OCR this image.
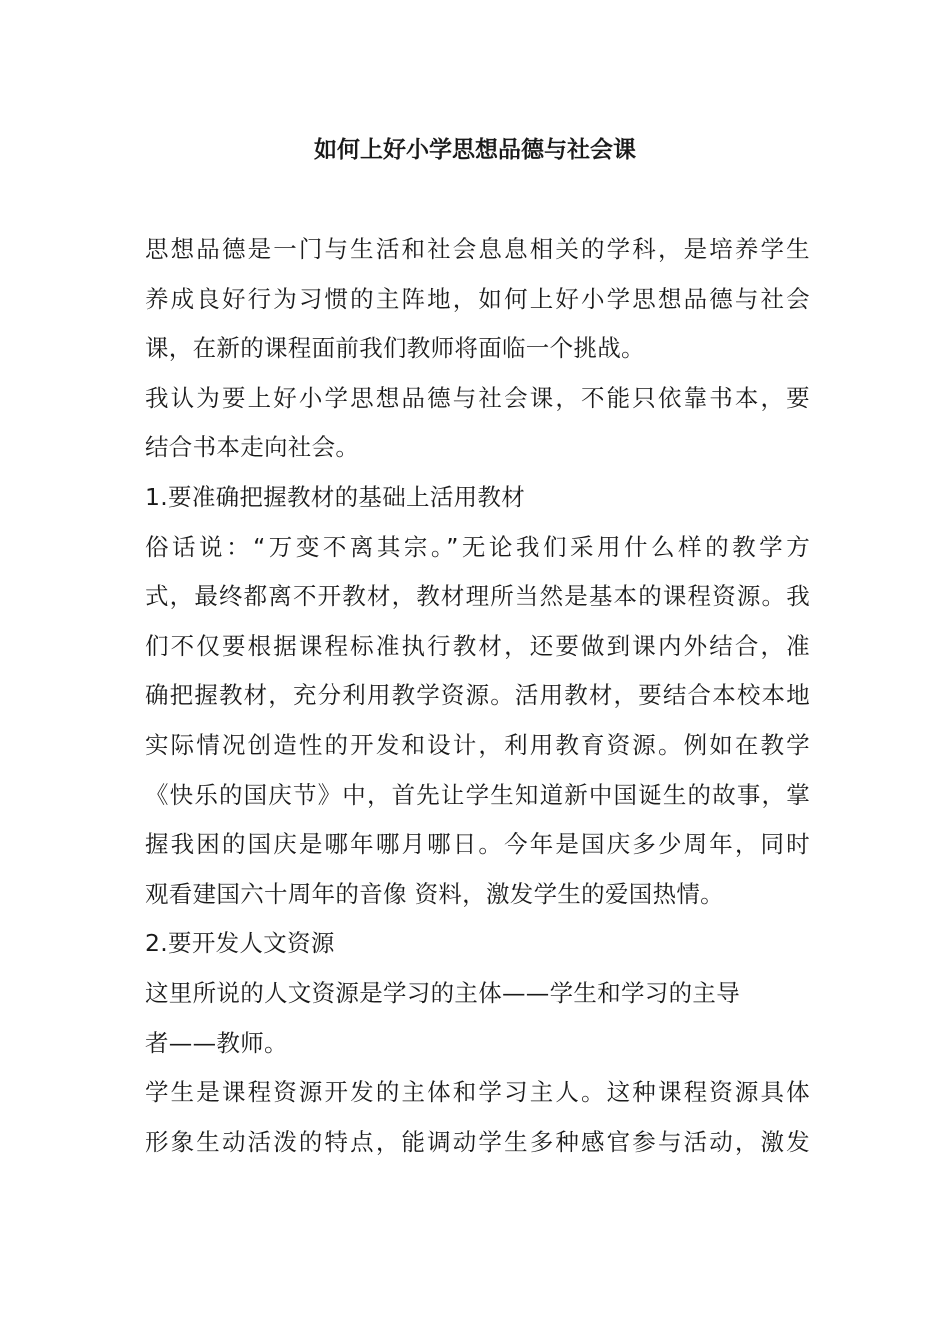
如何上好小学思想品德与社会课
思想品德是一门与生活和社会息息相关的学科，是培养学生
养成良好行为习惯的主阵地，如何上好小学思想品德与社会
课，在新的课程面前我们教师将面临一个挑战。
我认为要上好小学思想品德与社会课，不能只依靠书本，要
结合书本走向社会。
1.要准确把握教材的基础上活用教材
俗话说：“万变不离其宗。”无论我们采用什么样的教学方
式，最终都离不开教材，教材理所当然是基本的课程资源。我
们不仅要根据课程标准执行教材，还要做到课内外结合，准
确把握教材，充分利用教学资源。活用教材，要结合本校本地
实际情况创造性的开发和设计，利用教育资源。例如在教学
《快乐的国庆节》中，首先让学生知道新中国诞生的故事，掌
握我困的国庆是哪年哪月哪日。今年是国庆多少周年，同时
观看建国六十周年的音像 资料，激发学生的爱国热情。
2.要开发人文资源
这里所说的人文资源是学习的主体——学生和学习的主导
者——教师。
学生是课程资源开发的主体和学习主人。这种课程资源具体
形象生动活泼的特点，能调动学生多种感官参与活动，激发
